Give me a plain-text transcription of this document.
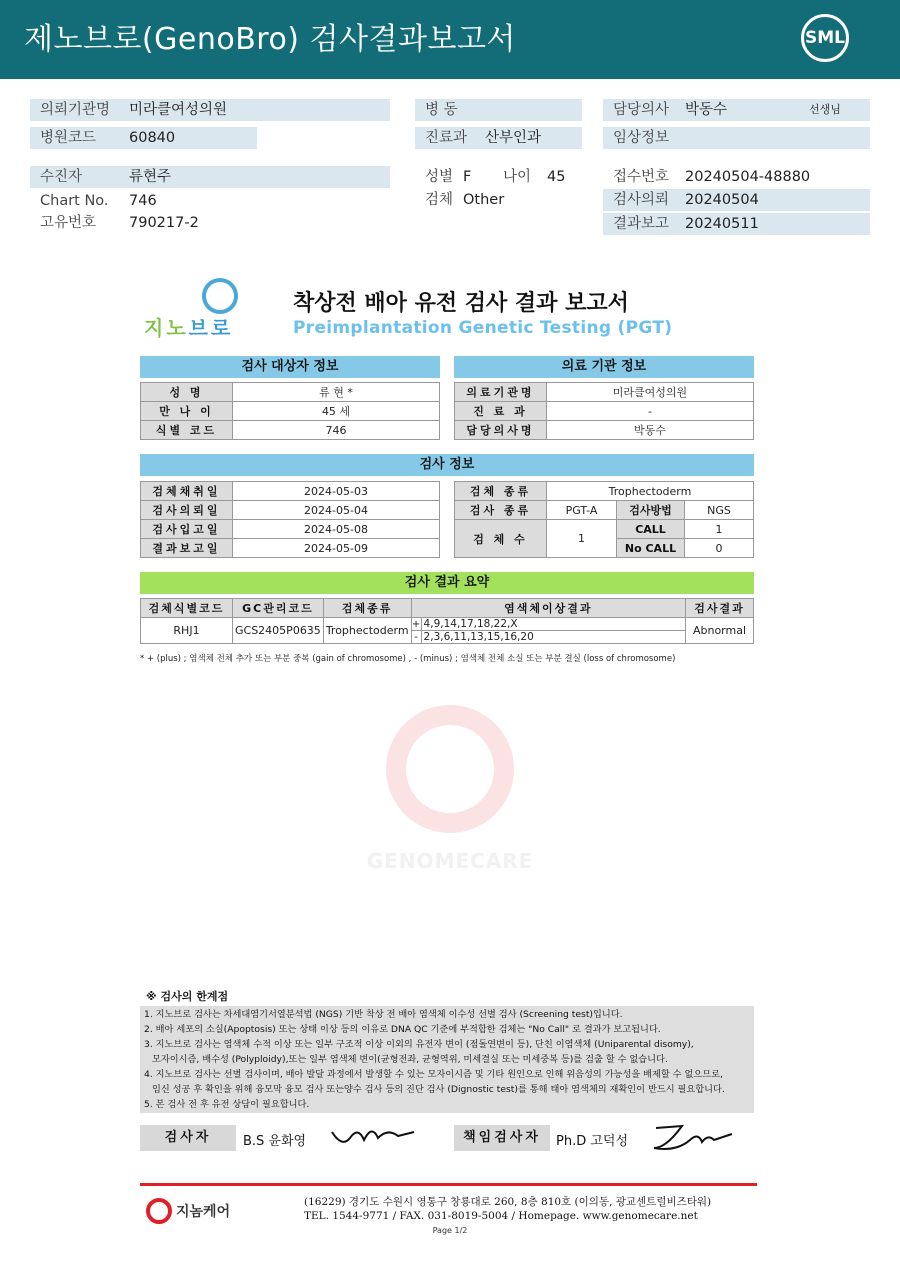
제노브로(GenoBro) 검사결과보고서	SML
의뢰기관명 미라클여성의원
병원코드 60840
수진자	류현주
Chart No. 746
고유번호 790217-2
병 동
진료과 산부인과
성별 F 나이 45
검체 Other
담당의사 박동수	선생님
임상정보
접수번호 20240504-48880
검사의뢰 20240504
결과보고 20240511
지노브로
착상전 배아 유전 검사 결과 보고서
Preimplantation Genetic Testing (PGT)
검사 대상자 정보	의료 기관 정보
성 명	류 현 *
만 나 이	45 세
식별 코드	746
의료기관명	미라클여성의원
진 료 과	-
담당의사명	박동수
검사 정보
검체채취일	2024-05-03
검사의뢰일	2024-05-04
검사입고일	2024-05-08
결과보고일	2024-05-09
검체 종류	Trophectoderm		
검사 종류	PGT-A	검사방법	NGS
검 체 수	1	CALL	1
		No CALL	0
검사 결과 요약
검체식별코드	GC관리코드	검체종류	염색체이상결과		검사결과
RHJ1	GCS2405P0635	Trophectoderm	+	4,9,14,17,18,22,X	Abnormal
			-	2,3,6,11,13,15,16,20	
* + (plus) ; 염색체 전체 추가 또는 부분 중복 (gain of chromosome) , - (minus) ; 염색체 전체 소실 또는 부분 결실 (loss of chromosome)
GENOMECARE
※ 검사의 한계점
1. 지노브로 검사는 차세대염기서열분석법 (NGS) 기반 착상 전 배아 염색체 이수성 선별 검사 (Screening test)입니다.
2. 배아 세포의 소실(Apoptosis) 또는 상태 이상 등의 이유로 DNA QC 기준에 부적합한 검체는 "No Call" 로 결과가 보고됩니다.
3. 지노브로 검사는 염색체 수적 이상 또는 일부 구조적 이상 이외의 유전자 변이 (점돌연변이 등), 단친 이염색체 (Uniparental disomy),
모자이시즘, 배수성 (Polyploidy),또는 일부 염색체 변이(균형전좌, 균형역위, 미세결실 또는 미세중복 등)를 검출 할 수 없습니다.
4. 지노브로 검사는 선별 검사이며, 배아 발달 과정에서 발생할 수 있는 모자이시즘 및 기타 원인으로 인해 위음성의 가능성을 배제할 수 없으므로,
임신 성공 후 확인을 위해 융모막 융모 검사 또는양수 검사 등의 진단 검사 (Dignostic test)를 통해 태아 염색체의 재확인이 반드시 필요합니다.
5. 본 검사 전 후 유전 상담이 필요합니다.
검사자	B.S 윤화영	책임검사자	Ph.D 고덕성
지놈케어
(16229) 경기도 수원시 영통구 창룡대로 260, 8층 810호 (이의동, 광교센트럴비즈타워)
TEL. 1544-9771 / FAX. 031-8019-5004 / Homepage. www.genomecare.net
Page 1/2
